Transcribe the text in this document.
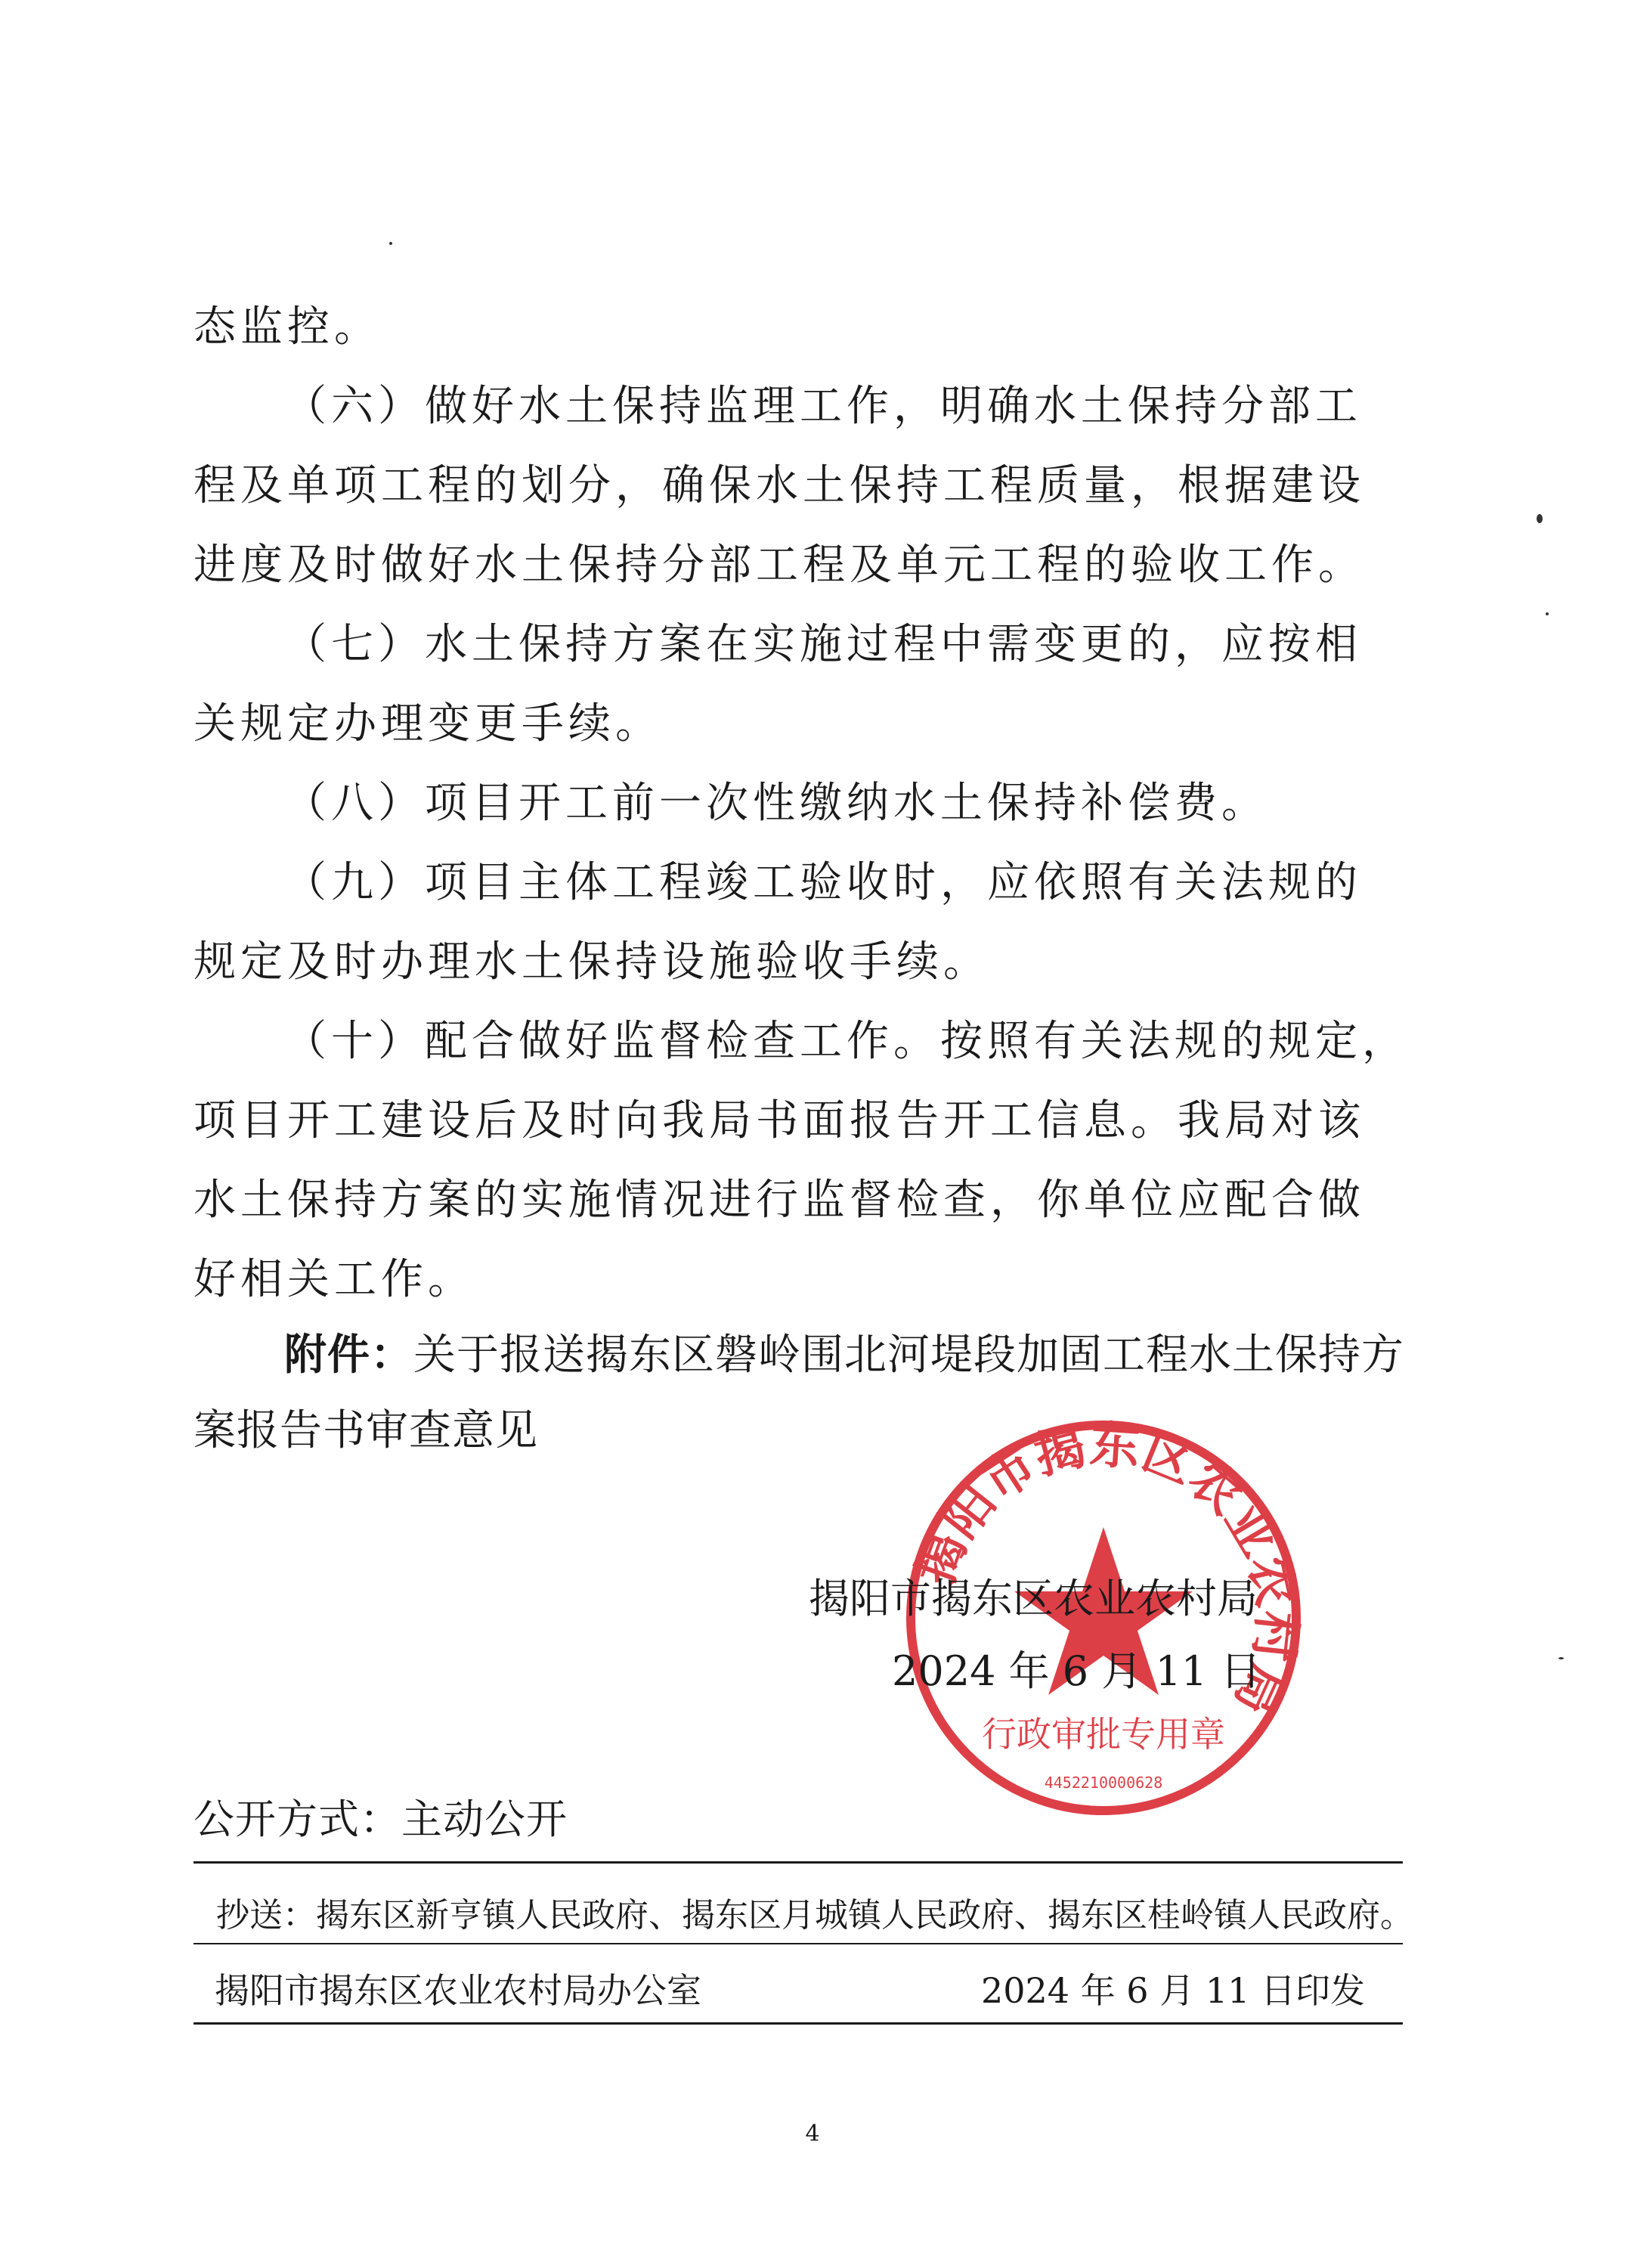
态监控。
（六）做好水土保持监理工作，明确水土保持分部工
程及单项工程的划分，确保水土保持工程质量，根据建设
进度及时做好水土保持分部工程及单元工程的验收工作。
（七）水土保持方案在实施过程中需变更的，应按相
关规定办理变更手续。
（八）项目开工前一次性缴纳水土保持补偿费。
（九）项目主体工程竣工验收时，应依照有关法规的
规定及时办理水土保持设施验收手续。
（十）配合做好监督检查工作。按照有关法规的规定，
项目开工建设后及时向我局书面报告开工信息。我局对该
水土保持方案的实施情况进行监督检查，你单位应配合做
好相关工作。
附件：关于报送揭东区磐岭围北河堤段加固工程水土保持方
案报告书审查意见
揭阳市揭东区农业农村局
行政审批专用章
4452210000628
揭阳市揭东区农业农村局
2024 年 6 月 11 日
公开方式：主动公开
抄送：揭东区新亨镇人民政府、揭东区月城镇人民政府、揭东区桂岭镇人民政府。
揭阳市揭东区农业农村局办公室	2024 年 6 月 11 日印发
4
